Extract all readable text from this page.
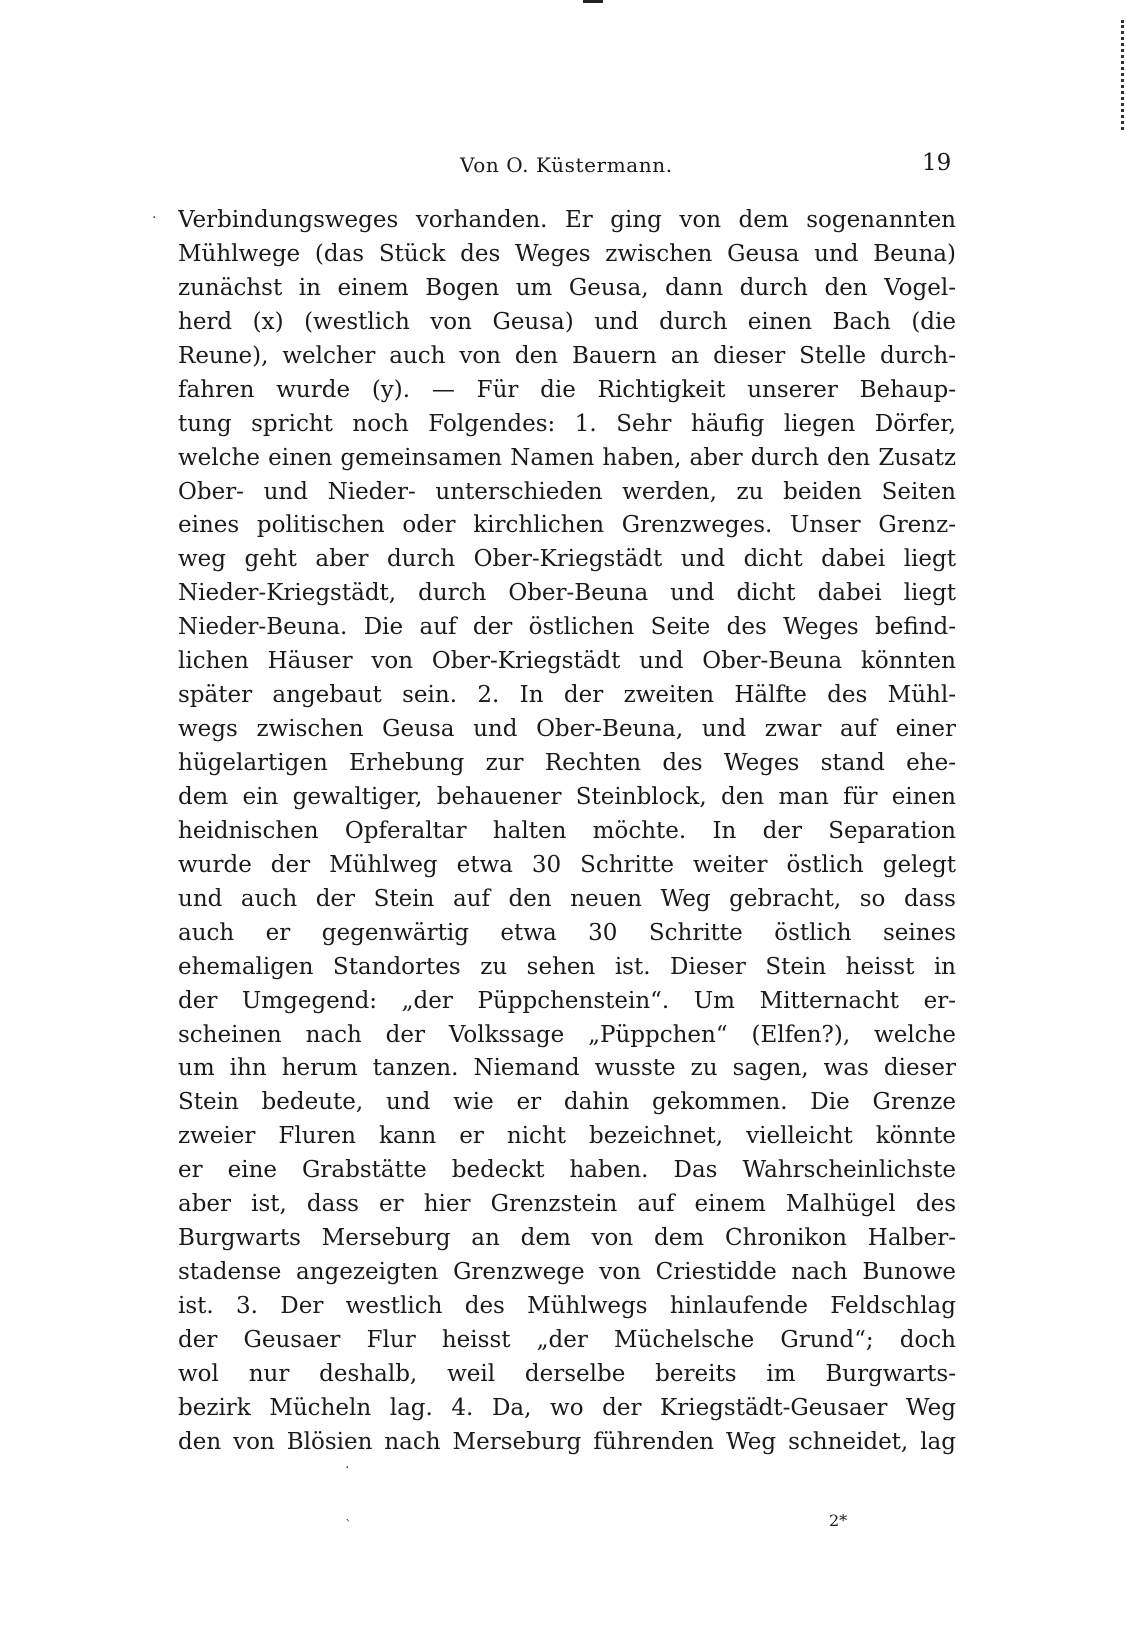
Von O. Küstermann.	19
·
·
`
Verbindungsweges vorhanden. Er ging von dem sogenannten
Mühlwege (das Stück des Weges zwischen Geusa und Beuna)
zunächst in einem Bogen um Geusa, dann durch den Vogel-
herd (x) (westlich von Geusa) und durch einen Bach (die
Reune), welcher auch von den Bauern an dieser Stelle durch-
fahren wurde (y). — Für die Richtigkeit unserer Behaup-
tung spricht noch Folgendes: 1. Sehr häufig liegen Dörfer,
welche einen gemeinsamen Namen haben, aber durch den Zusatz
Ober- und Nieder- unterschieden werden, zu beiden Seiten
eines politischen oder kirchlichen Grenzweges. Unser Grenz-
weg geht aber durch Ober-Kriegstädt und dicht dabei liegt
Nieder-Kriegstädt, durch Ober-Beuna und dicht dabei liegt
Nieder-Beuna. Die auf der östlichen Seite des Weges befind-
lichen Häuser von Ober-Kriegstädt und Ober-Beuna könnten
später angebaut sein. 2. In der zweiten Hälfte des Mühl-
wegs zwischen Geusa und Ober-Beuna, und zwar auf einer
hügelartigen Erhebung zur Rechten des Weges stand ehe-
dem ein gewaltiger, behauener Steinblock, den man für einen
heidnischen Opferaltar halten möchte. In der Separation
wurde der Mühlweg etwa 30 Schritte weiter östlich gelegt
und auch der Stein auf den neuen Weg gebracht, so dass
auch er gegenwärtig etwa 30 Schritte östlich seines
ehemaligen Standortes zu sehen ist. Dieser Stein heisst in
der Umgegend: „der Püppchenstein“. Um Mitternacht er-
scheinen nach der Volkssage „Püppchen“ (Elfen?), welche
um ihn herum tanzen. Niemand wusste zu sagen, was dieser
Stein bedeute, und wie er dahin gekommen. Die Grenze
zweier Fluren kann er nicht bezeichnet, vielleicht könnte
er eine Grabstätte bedeckt haben. Das Wahrscheinlichste
aber ist, dass er hier Grenzstein auf einem Malhügel des
Burgwarts Merseburg an dem von dem Chronikon Halber-
stadense angezeigten Grenzwege von Criestidde nach Bunowe
ist. 3. Der westlich des Mühlwegs hinlaufende Feldschlag
der Geusaer Flur heisst „der Müchelsche Grund“; doch
wol nur deshalb, weil derselbe bereits im Burgwarts-
bezirk Mücheln lag. 4. Da, wo der Kriegstädt-Geusaer Weg
den von Blösien nach Merseburg führenden Weg schneidet, lag
2*
